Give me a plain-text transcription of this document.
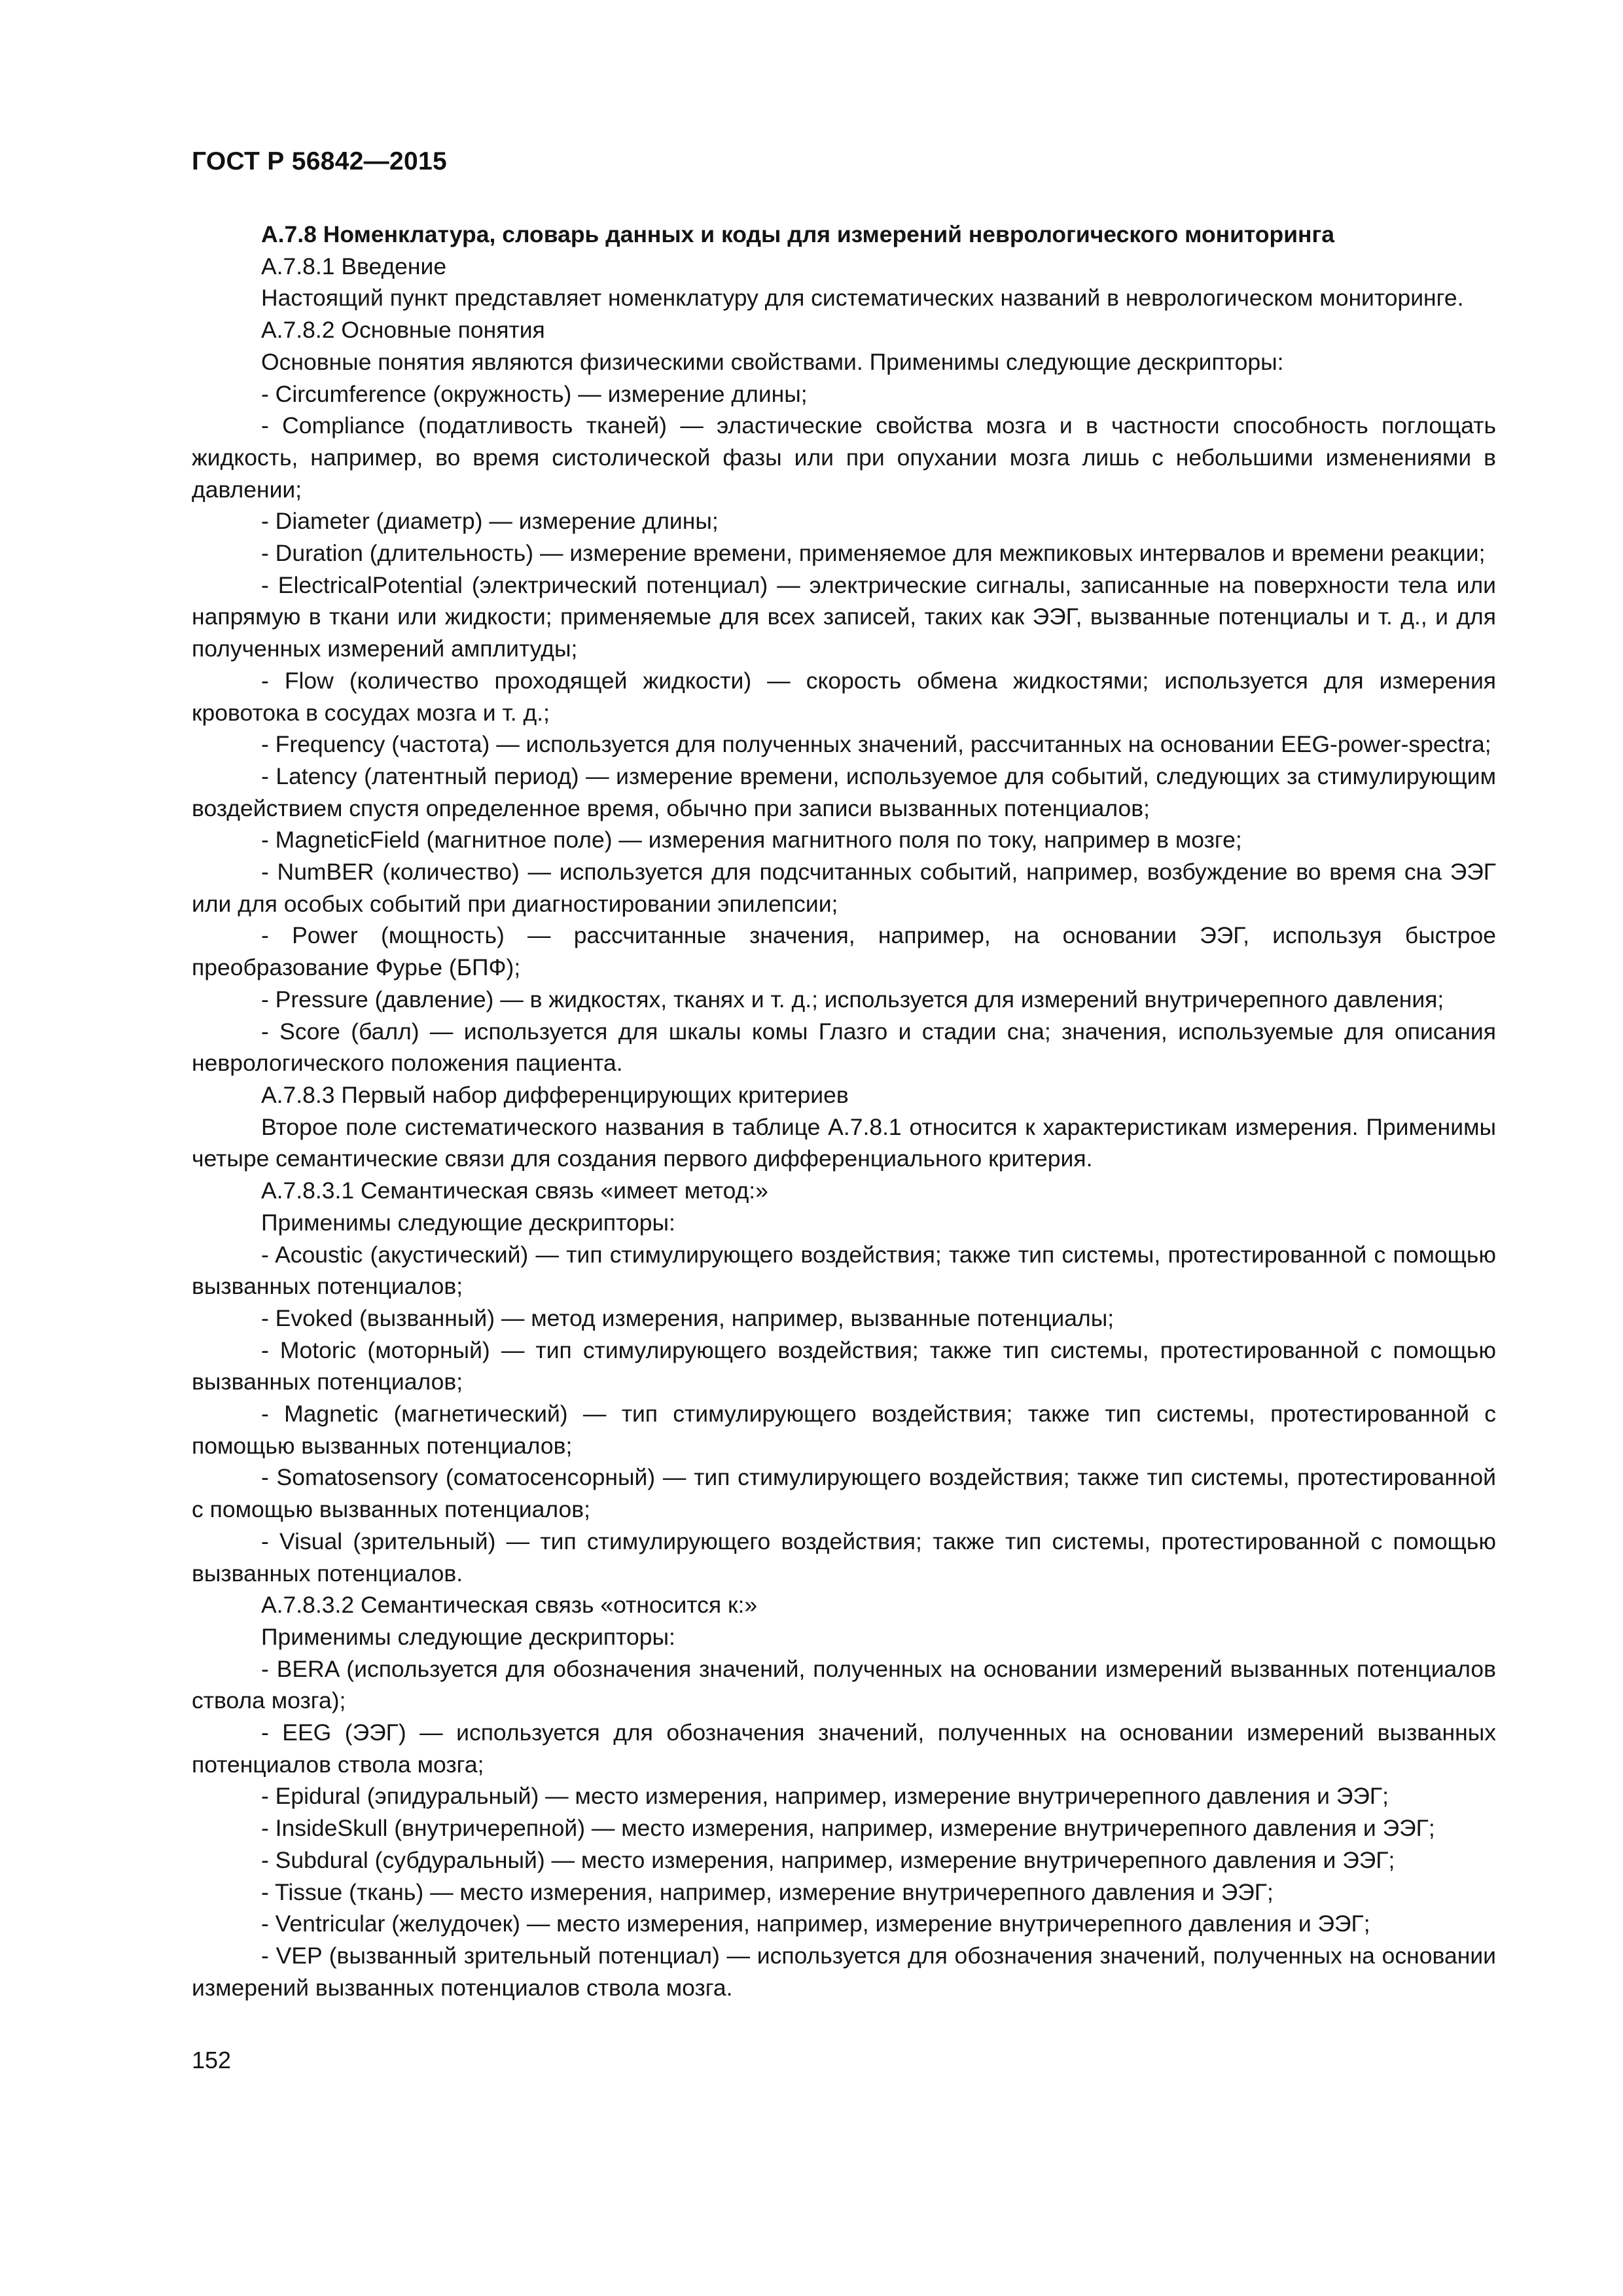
ГОСТ Р 56842—2015

А.7.8 Номенклатура, словарь данных и коды для измерений неврологического мониторинга

А.7.8.1 Введение

Настоящий пункт представляет номенклатуру для систематических названий в неврологическом мониторинге.

А.7.8.2 Основные понятия

Основные понятия являются физическими свойствами. Применимы следующие дескрипторы:

- Circumference (окружность) — измерение длины;

- Compliance (податливость тканей) — эластические свойства мозга и в частности способность поглощать жидкость, например, во время систолической фазы или при опухании мозга лишь с небольшими изменениями в давлении;

- Diameter (диаметр) — измерение длины;

- Duration (длительность) — измерение времени, применяемое для межпиковых интервалов и времени реакции;

- ElectricalPotential (электрический потенциал) — электрические сигналы, записанные на поверхности тела или напрямую в ткани или жидкости; применяемые для всех записей, таких как ЭЭГ, вызванные потенциалы и т. д., и для полученных измерений амплитуды;

- Flow (количество проходящей жидкости) — скорость обмена жидкостями; используется для измерения кровотока в сосудах мозга и т. д.;

- Frequency (частота) — используется для полученных значений, рассчитанных на основании EEG-power-spectra;

- Latency (латентный период) — измерение времени, используемое для событий, следующих за стимулирующим воздействием спустя определенное время, обычно при записи вызванных потенциалов;

- MagneticField (магнитное поле) — измерения магнитного поля по току, например в мозге;

- NumBER (количество) — используется для подсчитанных событий, например, возбуждение во время сна ЭЭГ или для особых событий при диагностировании эпилепсии;

- Power (мощность) — рассчитанные значения, например, на основании ЭЭГ, используя быстрое преобразование Фурье (БПФ);

- Pressure (давление) — в жидкостях, тканях и т. д.; используется для измерений внутричерепного давления;

- Score (балл) — используется для шкалы комы Глазго и стадии сна; значения, используемые для описания неврологического положения пациента.

А.7.8.3 Первый набор дифференцирующих критериев

Второе поле систематического названия в таблице А.7.8.1 относится к характеристикам измерения. Применимы четыре семантические связи для создания первого дифференциального критерия.

А.7.8.3.1 Семантическая связь «имеет метод:»

Применимы следующие дескрипторы:

- Acoustic (акустический) — тип стимулирующего воздействия; также тип системы, протестированной с помощью вызванных потенциалов;

- Evoked (вызванный) — метод измерения, например, вызванные потенциалы;

- Motoric (моторный) — тип стимулирующего воздействия; также тип системы, протестированной с помощью вызванных потенциалов;

- Magnetic (магнетический) — тип стимулирующего воздействия; также тип системы, протестированной с помощью вызванных потенциалов;

- Somatosensory (соматосенсорный) — тип стимулирующего воздействия; также тип системы, протестированной с помощью вызванных потенциалов;

- Visual (зрительный) — тип стимулирующего воздействия; также тип системы, протестированной с помощью вызванных потенциалов.

А.7.8.3.2 Семантическая связь «относится к:»

Применимы следующие дескрипторы:

- BERA (используется для обозначения значений, полученных на основании измерений вызванных потенциалов ствола мозга);

- EEG (ЭЭГ) — используется для обозначения значений, полученных на основании измерений вызванных потенциалов ствола мозга;

- Epidural (эпидуральный) — место измерения, например, измерение внутричерепного давления и ЭЭГ;

- InsideSkull (внутричерепной) — место измерения, например, измерение внутричерепного давления и ЭЭГ;

- Subdural (субдуральный) — место измерения, например, измерение внутричерепного давления и ЭЭГ;

- Tissue (ткань) — место измерения, например, измерение внутричерепного давления и ЭЭГ;

- Ventricular (желудочек) — место измерения, например, измерение внутричерепного давления и ЭЭГ;

- VEP (вызванный зрительный потенциал) — используется для обозначения значений, полученных на основании измерений вызванных потенциалов ствола мозга.

152
